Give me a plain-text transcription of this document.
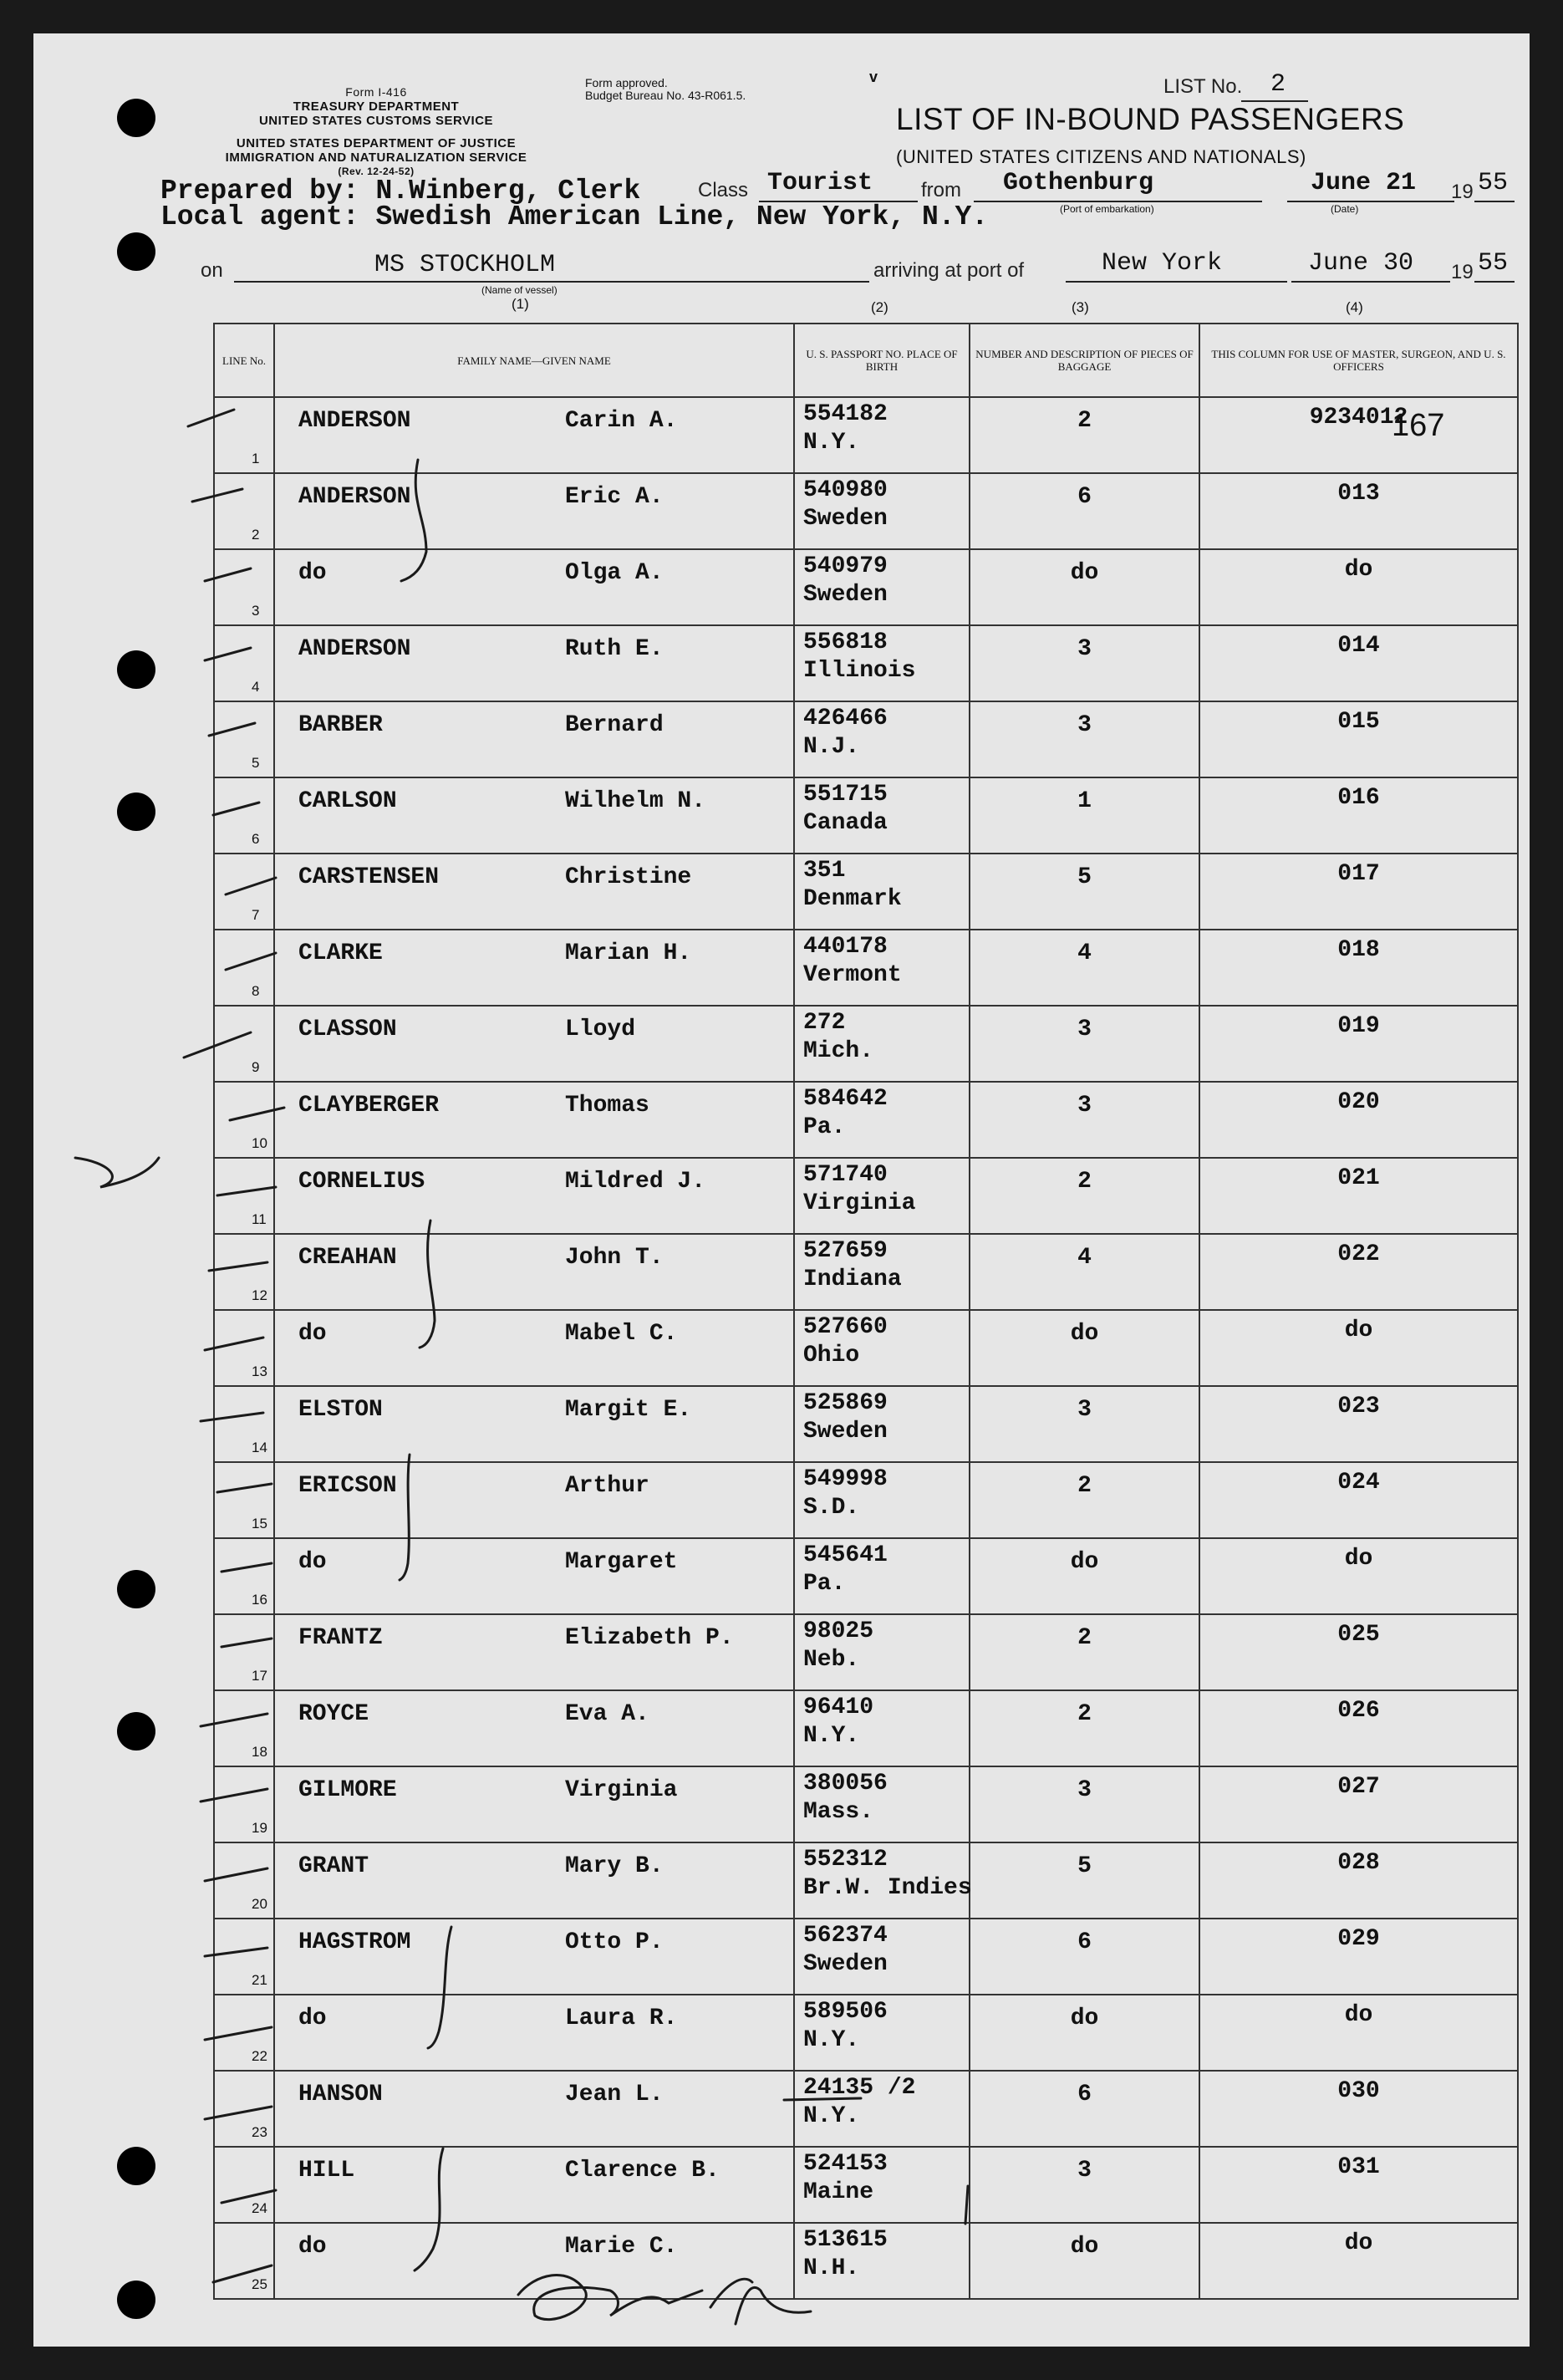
Form I-416
TREASURY DEPARTMENT
UNITED STATES CUSTOMS SERVICE
UNITED STATES DEPARTMENT OF JUSTICE
IMMIGRATION AND NATURALIZATION SERVICE
(Rev. 12-24-52)
Form approved.
Budget Bureau No. 43-R061.5.
v	LIST No. 2
LIST OF IN-BOUND PASSENGERS
(UNITED STATES CITIZENS AND NATIONALS)
Prepared by: N.Winberg, Clerk
Local agent: Swedish American Line, New York, N.Y.
Class Tourist from Gothenburg
(Port of embarkation)
June 21
(Date)
19 55
on	MS STOCKHOLM
(Name of vessel)
arriving at port of	New York	June 30 19 55
(1)	(2)	(3)	(4)
LINE No.	FAMILY NAME—GIVEN NAME	U. S. PASSPORT NO. PLACE OF BIRTH	NUMBER AND DESCRIPTION OF PIECES OF BAGGAGE	THIS COLUMN FOR USE OF MASTER, SURGEON, AND U. S. OFFICERS

1	ANDERSON Carin A.	554182
N.Y.	2	9234012

2	ANDERSON Eric A.	540980
Sweden	6	013

3	do Olga A.	540979
Sweden	do	do

4	ANDERSON Ruth E.	556818
Illinois	3	014

5	BARBER Bernard	426466
N.J.	3	015

6	CARLSON Wilhelm N.	551715
Canada	1	016

7	CARSTENSEN Christine	351
Denmark	5	017

8	CLARKE Marian H.	440178
Vermont	4	018

9	CLASSON Lloyd	272
Mich.	3	019

10	CLAYBERGER Thomas	584642
Pa.	3	020

11	CORNELIUS Mildred J.	571740
Virginia	2	021

12	CREAHAN John T.	527659
Indiana	4	022

13	do Mabel C.	527660
Ohio	do	do

14	ELSTON Margit E.	525869
Sweden	3	023

15	ERICSON Arthur	549998
S.D.	2	024

16	do Margaret	545641
Pa.	do	do

17	FRANTZ Elizabeth P.	98025
Neb.	2	025

18	ROYCE Eva A.	96410
N.Y.	2	026

19	GILMORE Virginia	380056
Mass.	3	027

20	GRANT Mary B.	552312
Br.W. Indies	5	028

21	HAGSTROM Otto P.	562374
Sweden	6	029

22	do Laura R.	589506
N.Y.	do	do

23	HANSON Jean L.	24135 /2
N.Y.	6	030

24	HILL Clarence B.	524153
Maine	3	031

25	do Marie C.	513615
N.H.	do	do
167
